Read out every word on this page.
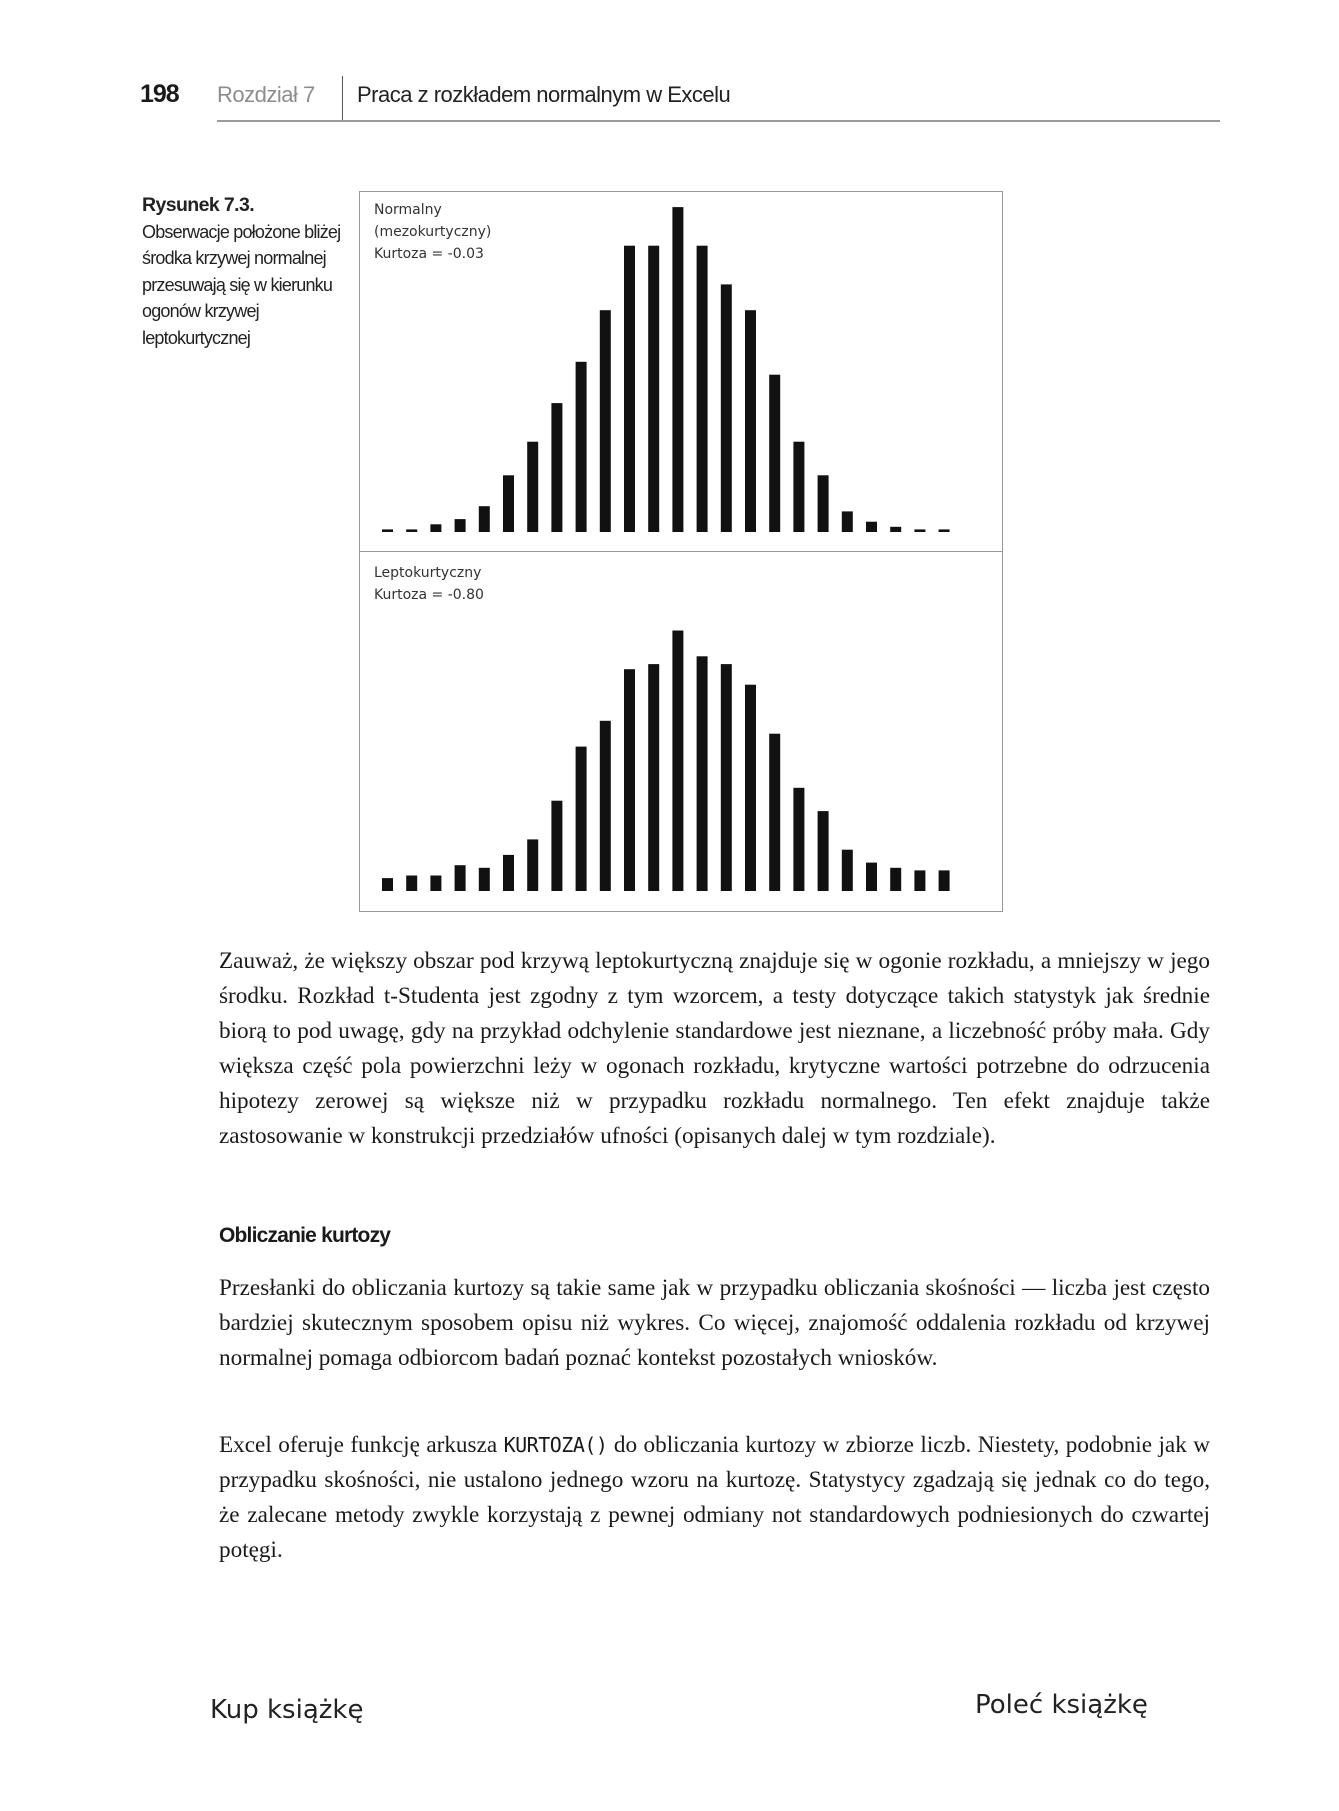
198 Rozdział 7 Praca z rozkładem normalnym w Excelu
Rysunek 7.3.
Obserwacje położone bliżej środka krzywej normalnej przesuwają się w kierunku ogonów krzywej leptokurtycznej
Normalny
(mezokurtyczny)
Kurtoza = -0.03
Leptokurtyczny
Kurtoza = -0.80
Zauważ, że większy obszar pod krzywą leptokurtyczną znajduje się w ogonie rozkładu, a mniejszy w jego środku. Rozkład t-Studenta jest zgodny z tym wzorcem, a testy dotyczące takich statystyk jak średnie biorą to pod uwagę, gdy na przykład odchylenie standardowe jest nieznane, a liczebność próby mała. Gdy większa część pola powierzchni leży w ogonach rozkładu, krytyczne wartości potrzebne do odrzucenia hipotezy zerowej są większe niż w przypadku rozkładu normalnego. Ten efekt znajduje także zastosowanie w konstrukcji przedziałów ufności (opisanych dalej w tym rozdziale).
Obliczanie kurtozy
Przesłanki do obliczania kurtozy są takie same jak w przypadku obliczania skośności — liczba jest często bardziej skutecznym sposobem opisu niż wykres. Co więcej, znajomość oddalenia rozkładu od krzywej normalnej pomaga odbiorcom badań poznać kontekst pozostałych wniosków.
Excel oferuje funkcję arkusza KURTOZA() do obliczania kurtozy w zbiorze liczb. Niestety, podobnie jak w przypadku skośności, nie ustalono jednego wzoru na kurtozę. Statystycy zgadzają się jednak co do tego, że zalecane metody zwykle korzystają z pewnej odmiany not standardowych podniesionych do czwartej potęgi.
Kup książkę	Poleć książkę
